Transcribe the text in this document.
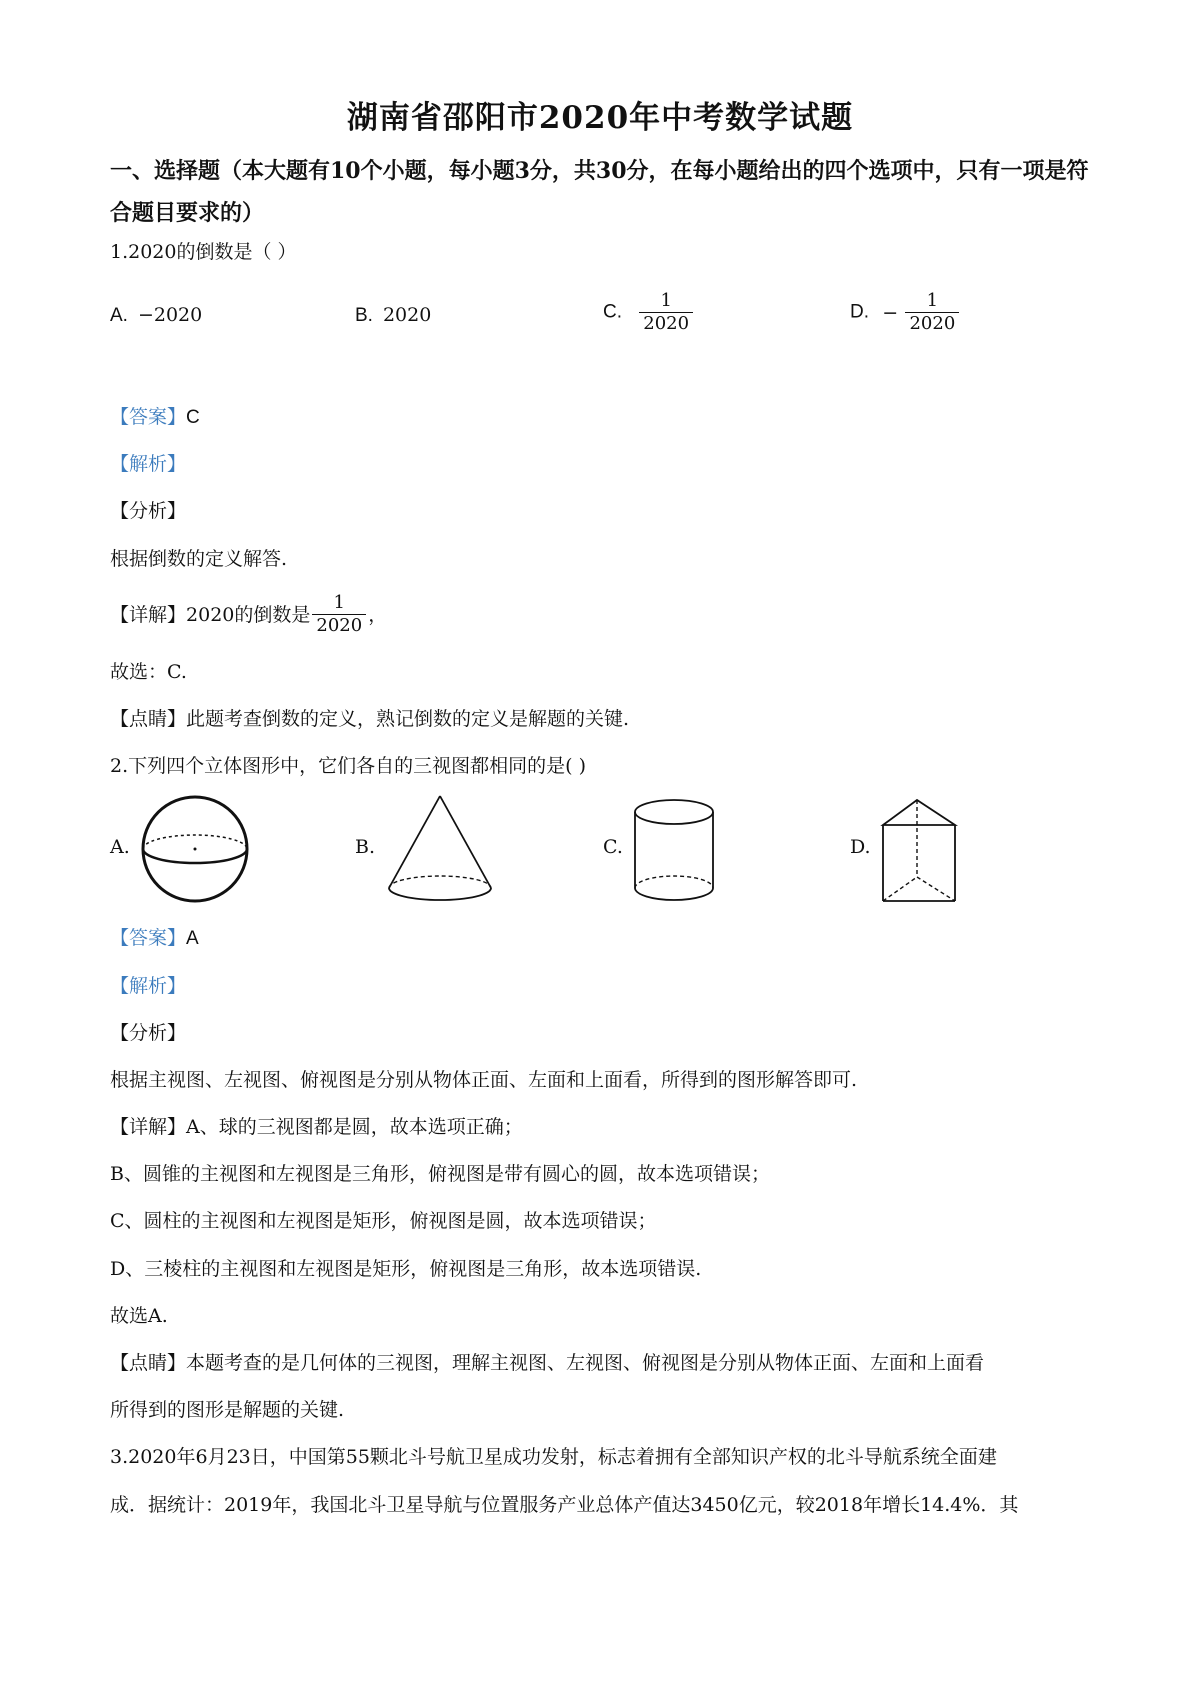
湖南省邵阳市2020年中考数学试题
一、选择题（本大题有10个小题，每小题3分，共30分，在每小题给出的四个选项中，只有一项是符合题目要求的）
1.2020的倒数是（ ）
A. −2020	B. 2020	C. $\frac{1}{2020}$	D. − $\frac{1}{2020}$
【答案】C
【解析】
【分析】
根据倒数的定义解答.
【详解】 2020的倒数是 $\frac{1}{2020}$ ，
故选：C.
【点睛】此题考查倒数的定义，熟记倒数的定义是解题的关键.
2.下列四个立体图形中，它们各自的三视图都相同的是( )
A.	B.	C.	D.
【答案】A
【解析】
【分析】
根据主视图、左视图、俯视图是分别从物体正面、左面和上面看，所得到的图形解答即可.
【详解】A、球的三视图都是圆，故本选项正确；
B、圆锥的主视图和左视图是三角形，俯视图是带有圆心的圆，故本选项错误；
C、圆柱的主视图和左视图是矩形，俯视图是圆，故本选项错误；
D、三棱柱的主视图和左视图是矩形，俯视图是三角形，故本选项错误.
故选A.
【点睛】本题考查的是几何体的三视图，理解主视图、左视图、俯视图是分别从物体正面、左面和上面看
所得到的图形是解题的关键.
3.2020年6月23日，中国第55颗北斗号航卫星成功发射，标志着拥有全部知识产权的北斗导航系统全面建
成．据统计：2019年，我国北斗卫星导航与位置服务产业总体产值达3450亿元，较2018年增长14.4%．其
